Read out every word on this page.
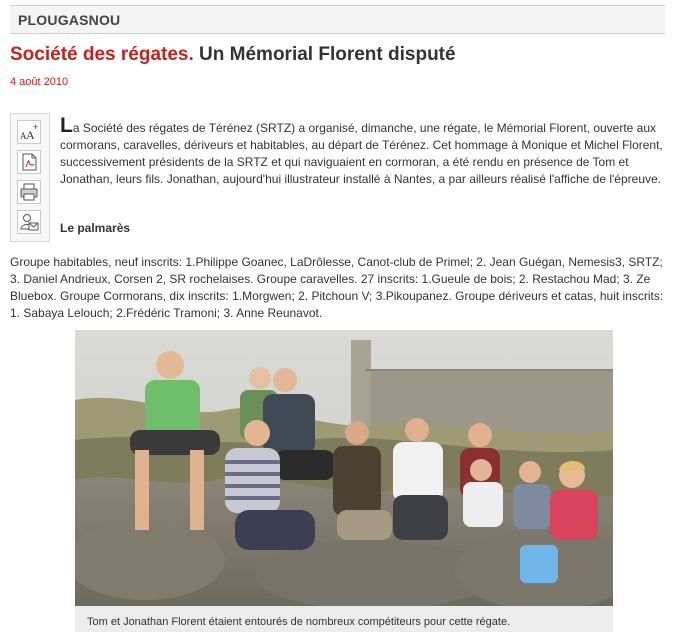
PLOUGASNOU
Société des régates. Un Mémorial Florent disputé
4 août 2010
A A
+ La Société des régates de Térénez (SRTZ) a organisé, dimanche, une régate, le Mémorial Florent, ouverte aux cormorans, caravelles, dériveurs et habitables, au départ de Térénez. Cet hommage à Monique et Michel Florent, successivement présidents de la SRTZ et qui naviguaient en cormoran, a été rendu en présence de Tom et Jonathan, leurs fils. Jonathan, aujourd'hui illustrateur installé à Nantes, a par ailleurs réalisé l'affiche de l'épreuve.
Le palmarès
Groupe habitables, neuf inscrits: 1.Philippe Goanec, LaDrôlesse, Canot-club de Primel; 2. Jean Guégan, Nemesis3, SRTZ; 3. Daniel Andrieux, Corsen 2, SR rochelaises. Groupe caravelles. 27 inscrits: 1.Gueule de bois; 2. Restachou Mad; 3. Ze Bluebox. Groupe Cormorans, dix inscrits: 1.Morgwen; 2. Pitchoun V; 3.Pikoupanez. Groupe dériveurs et catas, huit inscrits: 1. Sabaya Lelouch; 2.Frédéric Tramoni; 3. Anne Reunavot.
Tom et Jonathan Florent étaient entourés de nombreux compétiteurs pour cette régate.
